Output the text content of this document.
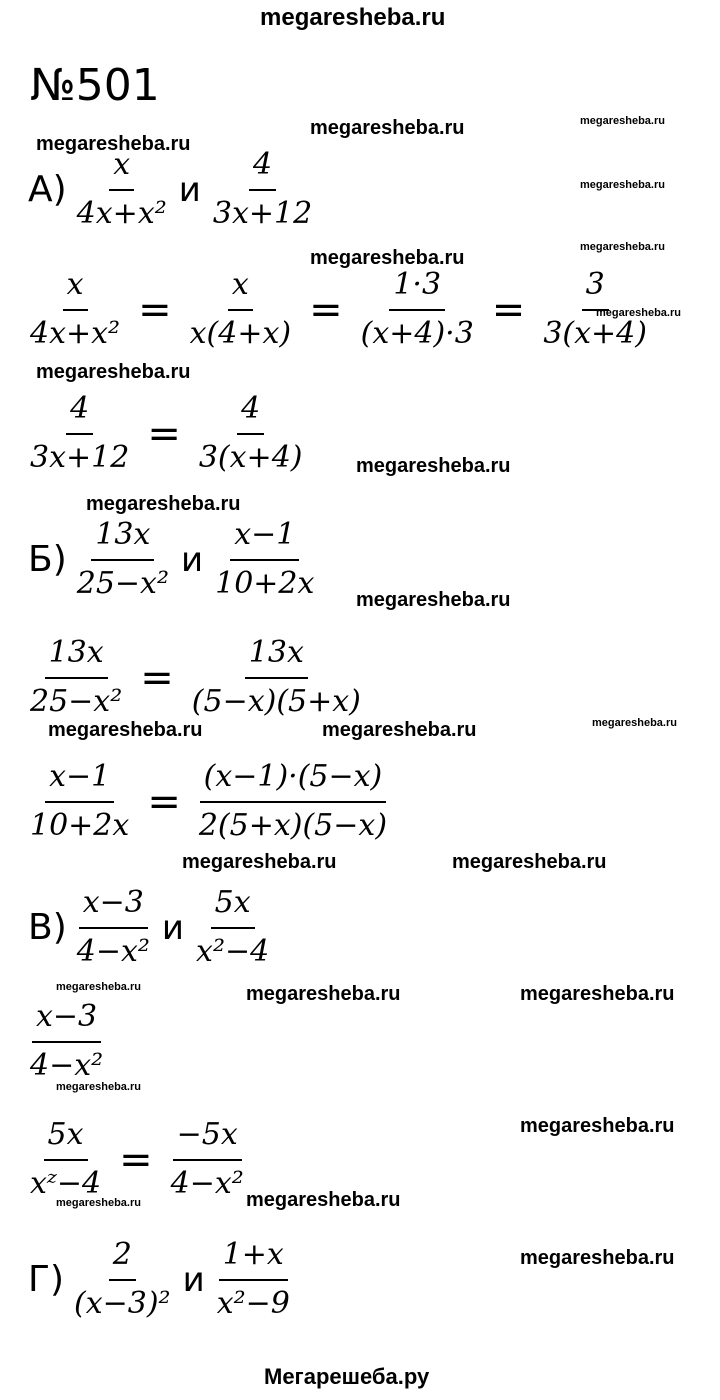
megaresheba.ru
megaresheba.ru
megaresheba.ru	megaresheba.ru
megaresheba.ru
megaresheba.ru	megaresheba.ru
megaresheba.ru
megaresheba.ru
megaresheba.ru
megaresheba.ru
megaresheba.ru
megaresheba.ru	megaresheba.ru	megaresheba.ru
megaresheba.ru	megaresheba.ru
megaresheba.ru	megaresheba.ru	megaresheba.ru
megaresheba.ru
megaresheba.ru
megaresheba.ru	megaresheba.ru
megaresheba.ru
Мегарешеба.ру
№501
$А) \frac{x}{\text{4x+x²}}$ и $\frac{4}{3x+12}$
$\frac{x}{\text{4x+x²}} = \frac{x}{x(4+x)} = \frac{1\cdot 3}{(x+4)\cdot 3} = \frac{3}{3(x+4)}$
$\frac{4}{3x+12} = \frac{4}{3(x+4)}$
$Б) \frac{13x}{\text{25−x²}}$ и $\frac{x-1}{10+2x}$
$\frac{13x}{\text{25−x²}} = \frac{13x}{(5-x)(5+x)}$
$\frac{x-1}{10+2x} = \frac{(x-1)\cdot(5-x)}{2(5+x)(5-x)}$
$В) \frac{x-3}{\text{4−x²}}$ и $\frac{5x}{\text{x²−4}}$
$\frac{x-3}{\text{4−x²}}$
$\frac{5x}{\text{xᶻ−4}} = \frac{-5x}{\text{4−x²}}$
$Г) \frac{2}{\text{(x−3)²}}$ и $\frac{1+x}{\text{x²−9}}$
